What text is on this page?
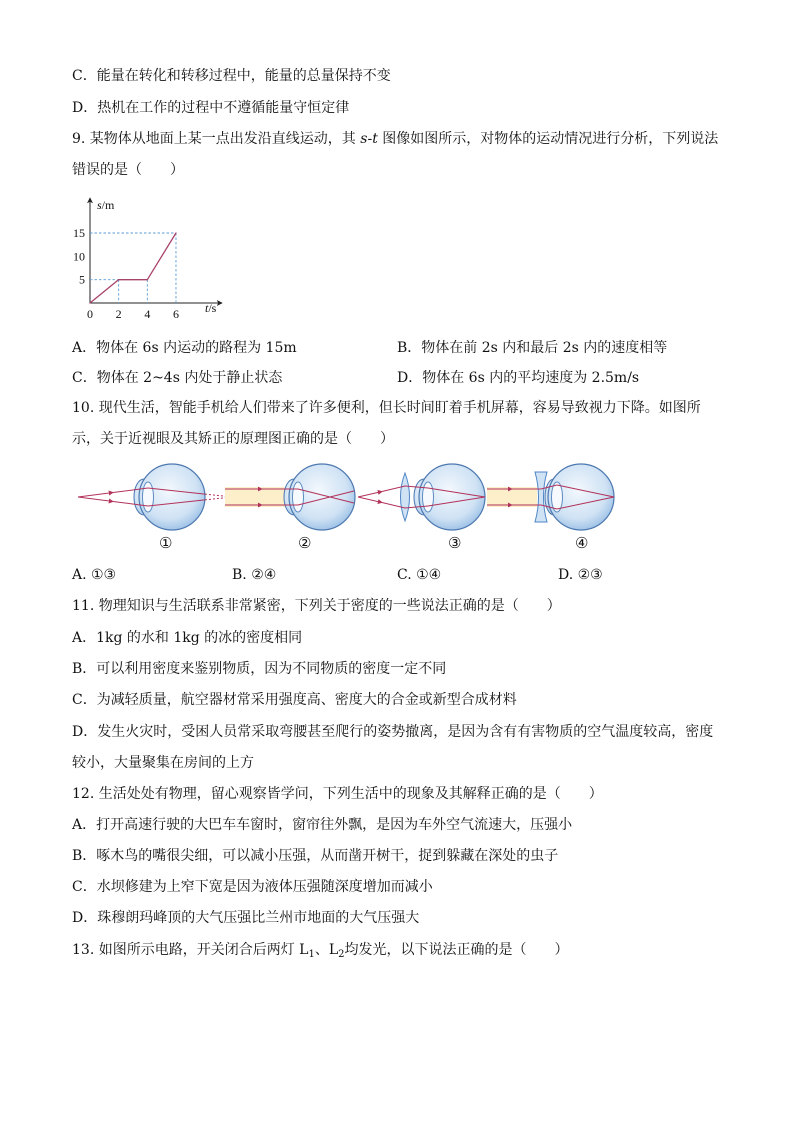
C．能量在转化和转移过程中，能量的总量保持不变
D．热机在工作的过程中不遵循能量守恒定律
9. 某物体从地面上某一点出发沿直线运动，其 s-t 图像如图所示，对物体的运动情况进行分析，下列说法
错误的是（　　）
s/m
t/s
5
10
15
0 2 4 6
A．物体在 6s 内运动的路程为 15m	B．物体在前 2s 内和最后 2s 内的速度相等
C．物体在 2~4s 内处于静止状态	D．物体在 6s 内的平均速度为 2.5m/s
10. 现代生活，智能手机给人们带来了许多便利，但长时间盯着手机屏幕，容易导致视力下降。如图所
示，关于近视眼及其矫正的原理图正确的是（　　）
①	②	③	④
A. ①③	B. ②④	C. ①④	D. ②③
11. 物理知识与生活联系非常紧密，下列关于密度的一些说法正确的是（　　）
A．1kg 的水和 1kg 的冰的密度相同
B．可以利用密度来鉴别物质，因为不同物质的密度一定不同
C．为减轻质量，航空器材常采用强度高、密度大的合金或新型合成材料
D．发生火灾时，受困人员常采取弯腰甚至爬行的姿势撤离，是因为含有有害物质的空气温度较高，密度
较小，大量聚集在房间的上方
12. 生活处处有物理，留心观察皆学问，下列生活中的现象及其解释正确的是（　　）
A．打开高速行驶的大巴车车窗时，窗帘往外飘，是因为车外空气流速大，压强小
B．啄木鸟的嘴很尖细，可以减小压强，从而凿开树干，捉到躲藏在深处的虫子
C．水坝修建为上窄下宽是因为液体压强随深度增加而减小
D．珠穆朗玛峰顶的大气压强比兰州市地面的大气压强大
13. 如图所示电路，开关闭合后两灯 $L_1$、$L_2$均发光，以下说法正确的是（　　）
